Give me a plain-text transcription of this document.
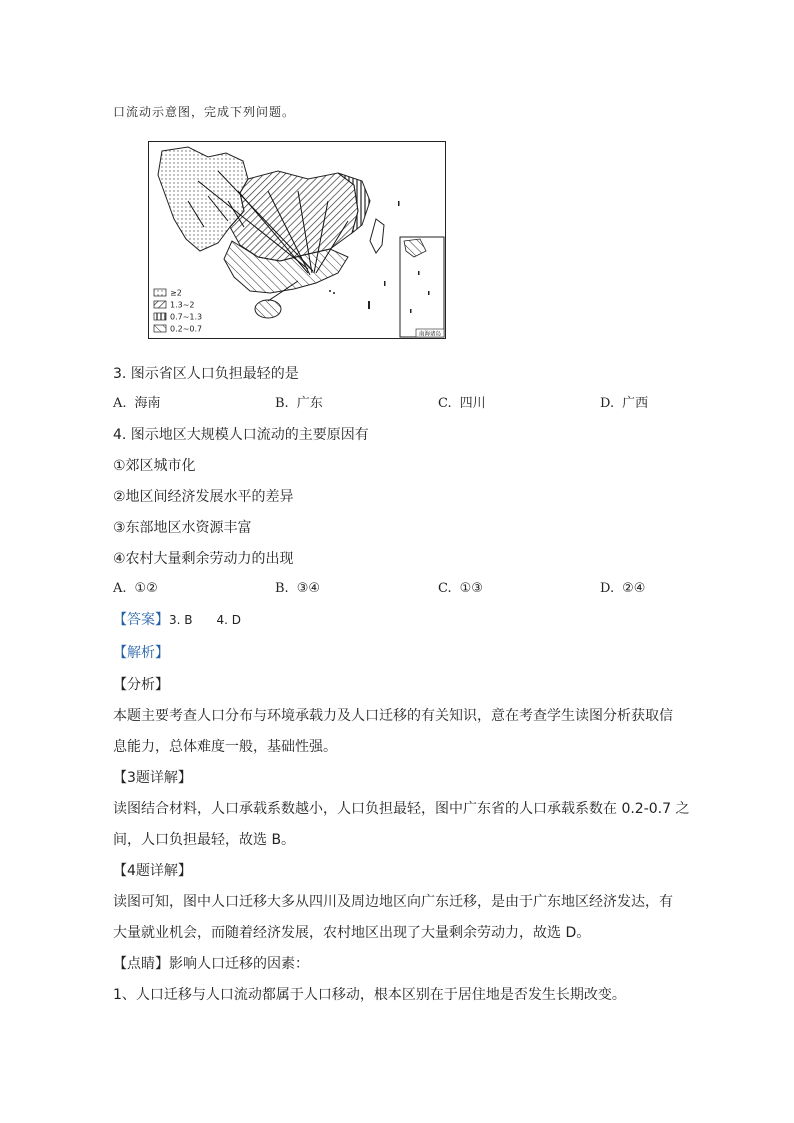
口流动示意图，完成下列问题。
南海诸岛
≥2
1.3~2
0.7~1.3
0.2~0.7
3. 图示省区人口负担最轻的是
A. 海南	B. 广东	C. 四川	D. 广西
4. 图示地区大规模人口流动的主要原因有
①郊区城市化
②地区间经济发展水平的差异
③东部地区水资源丰富
④农村大量剩余劳动力的出现
A. ①②	B. ③④	C. ①③	D. ②④
【答案】3. B　　4. D
【解析】
【分析】
本题主要考查人口分布与环境承载力及人口迁移的有关知识，意在考查学生读图分析获取信
息能力，总体难度一般，基础性强。
【3题详解】
读图结合材料，人口承载系数越小，人口负担最轻，图中广东省的人口承载系数在 0.2-0.7 之
间，人口负担最轻，故选 B。
【4题详解】
读图可知，图中人口迁移大多从四川及周边地区向广东迁移，是由于广东地区经济发达，有
大量就业机会，而随着经济发展，农村地区出现了大量剩余劳动力，故选 D。
【点睛】影响人口迁移的因素：
1、人口迁移与人口流动都属于人口移动，根本区别在于居住地是否发生长期改变。
